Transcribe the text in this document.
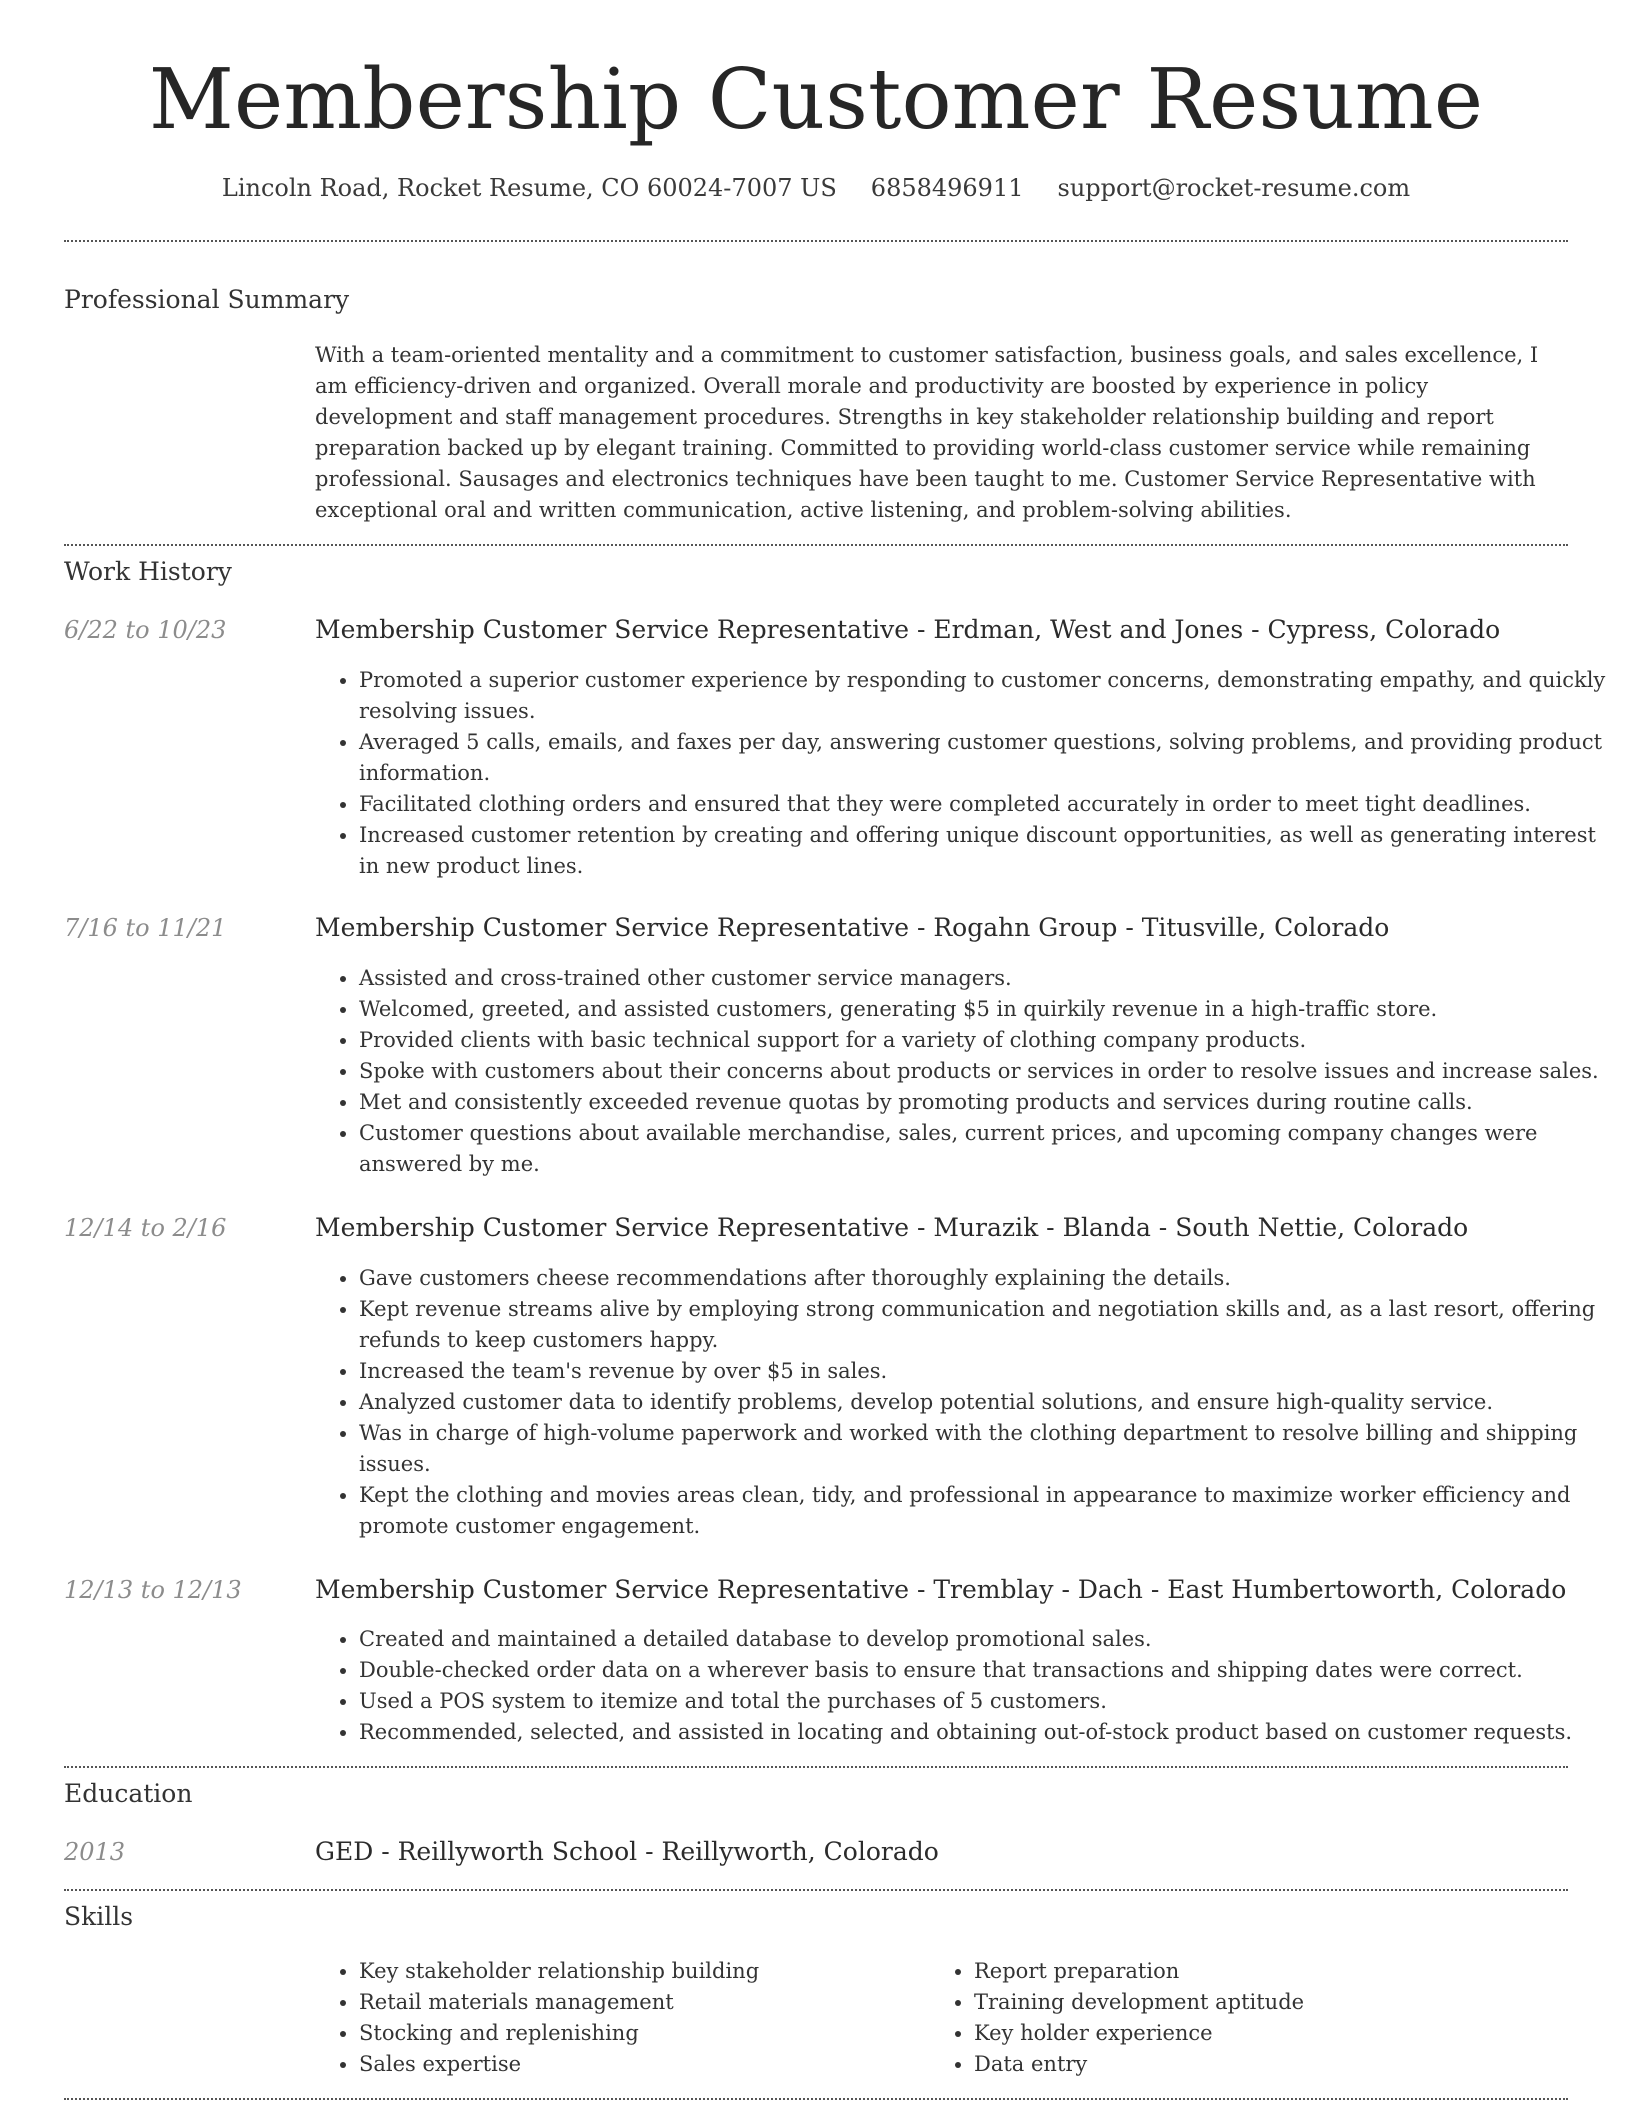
Membership Customer Resume
Lincoln Road, Rocket Resume, CO 60024-7007 US 6858496911 support@rocket-resume.com
Professional Summary
With a team-oriented mentality and a commitment to customer satisfaction, business goals, and sales excellence, I am efficiency-driven and organized. Overall morale and productivity are boosted by experience in policy development and staff management procedures. Strengths in key stakeholder relationship building and report preparation backed up by elegant training. Committed to providing world-class customer service while remaining professional. Sausages and electronics techniques have been taught to me. Customer Service Representative with exceptional oral and written communication, active listening, and problem-solving abilities.
Work History
6/22 to 10/23	Membership Customer Service Representative - Erdman, West and Jones - Cypress, Colorado
• Promoted a superior customer experience by responding to customer concerns, demonstrating empathy, and quickly resolving issues.
• Averaged 5 calls, emails, and faxes per day, answering customer questions, solving problems, and providing product information.
• Facilitated clothing orders and ensured that they were completed accurately in order to meet tight deadlines.
• Increased customer retention by creating and offering unique discount opportunities, as well as generating interest in new product lines.
7/16 to 11/21	Membership Customer Service Representative - Rogahn Group - Titusville, Colorado
• Assisted and cross-trained other customer service managers.
• Welcomed, greeted, and assisted customers, generating $5 in quirkily revenue in a high-traffic store.
• Provided clients with basic technical support for a variety of clothing company products.
• Spoke with customers about their concerns about products or services in order to resolve issues and increase sales.
• Met and consistently exceeded revenue quotas by promoting products and services during routine calls.
• Customer questions about available merchandise, sales, current prices, and upcoming company changes were answered by me.
12/14 to 2/16	Membership Customer Service Representative - Murazik - Blanda - South Nettie, Colorado
• Gave customers cheese recommendations after thoroughly explaining the details.
• Kept revenue streams alive by employing strong communication and negotiation skills and, as a last resort, offering refunds to keep customers happy.
• Increased the team's revenue by over $5 in sales.
• Analyzed customer data to identify problems, develop potential solutions, and ensure high-quality service.
• Was in charge of high-volume paperwork and worked with the clothing department to resolve billing and shipping issues.
• Kept the clothing and movies areas clean, tidy, and professional in appearance to maximize worker efficiency and promote customer engagement.
12/13 to 12/13	Membership Customer Service Representative - Tremblay - Dach - East Humbertoworth, Colorado
• Created and maintained a detailed database to develop promotional sales.
• Double-checked order data on a wherever basis to ensure that transactions and shipping dates were correct.
• Used a POS system to itemize and total the purchases of 5 customers.
• Recommended, selected, and assisted in locating and obtaining out-of-stock product based on customer requests.
Education
2013	GED - Reillyworth School - Reillyworth, Colorado
Skills
• Key stakeholder relationship building
• Retail materials management
• Stocking and replenishing
• Sales expertise
• Report preparation
• Training development aptitude
• Key holder experience
• Data entry
